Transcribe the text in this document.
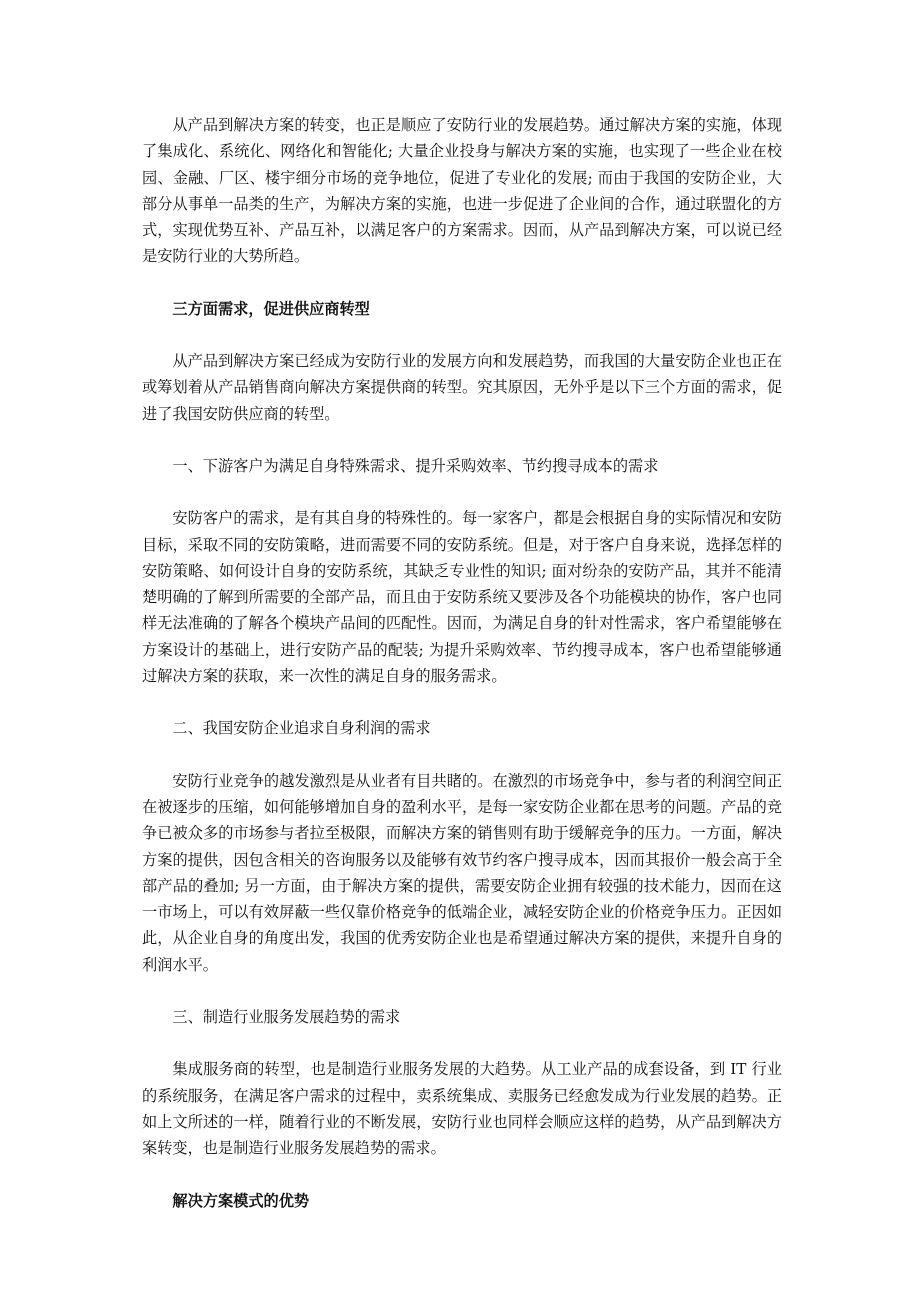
从产品到解决方案的转变，也正是顺应了安防行业的发展趋势。通过解决方案的实施，体现了集成化、系统化、网络化和智能化; 大量企业投身与解决方案的实施，也实现了一些企业在校园、金融、厂区、楼宇细分市场的竞争地位，促进了专业化的发展; 而由于我国的安防企业，大部分从事单一品类的生产，为解决方案的实施，也进一步促进了企业间的合作，通过联盟化的方式，实现优势互补、产品互补，以满足客户的方案需求。因而，从产品到解决方案，可以说已经是安防行业的大势所趋。

三方面需求，促进供应商转型

从产品到解决方案已经成为安防行业的发展方向和发展趋势，而我国的大量安防企业也正在或筹划着从产品销售商向解决方案提供商的转型。究其原因，无外乎是以下三个方面的需求，促进了我国安防供应商的转型。

一、下游客户为满足自身特殊需求、提升采购效率、节约搜寻成本的需求

安防客户的需求，是有其自身的特殊性的。每一家客户，都是会根据自身的实际情况和安防目标，采取不同的安防策略，进而需要不同的安防系统。但是，对于客户自身来说，选择怎样的安防策略、如何设计自身的安防系统，其缺乏专业性的知识; 面对纷杂的安防产品，其并不能清楚明确的了解到所需要的全部产品，而且由于安防系统又要涉及各个功能模块的协作，客户也同样无法准确的了解各个模块产品间的匹配性。因而，为满足自身的针对性需求，客户希望能够在方案设计的基础上，进行安防产品的配装; 为提升采购效率、节约搜寻成本，客户也希望能够通过解决方案的获取，来一次性的满足自身的服务需求。

二、我国安防企业追求自身利润的需求

安防行业竞争的越发激烈是从业者有目共睹的。在激烈的市场竞争中，参与者的利润空间正在被逐步的压缩，如何能够增加自身的盈利水平，是每一家安防企业都在思考的问题。产品的竞争已被众多的市场参与者拉至极限，而解决方案的销售则有助于缓解竞争的压力。一方面，解决方案的提供，因包含相关的咨询服务以及能够有效节约客户搜寻成本，因而其报价一般会高于全部产品的叠加; 另一方面，由于解决方案的提供，需要安防企业拥有较强的技术能力，因而在这一市场上，可以有效屏蔽一些仅靠价格竞争的低端企业，减轻安防企业的价格竞争压力。正因如此，从企业自身的角度出发，我国的优秀安防企业也是希望通过解决方案的提供，来提升自身的利润水平。

三、制造行业服务发展趋势的需求

集成服务商的转型，也是制造行业服务发展的大趋势。从工业产品的成套设备，到 IT 行业的系统服务，在满足客户需求的过程中，卖系统集成、卖服务已经愈发成为行业发展的趋势。正如上文所述的一样，随着行业的不断发展，安防行业也同样会顺应这样的趋势，从产品到解决方案转变，也是制造行业服务发展趋势的需求。

解决方案模式的优势
